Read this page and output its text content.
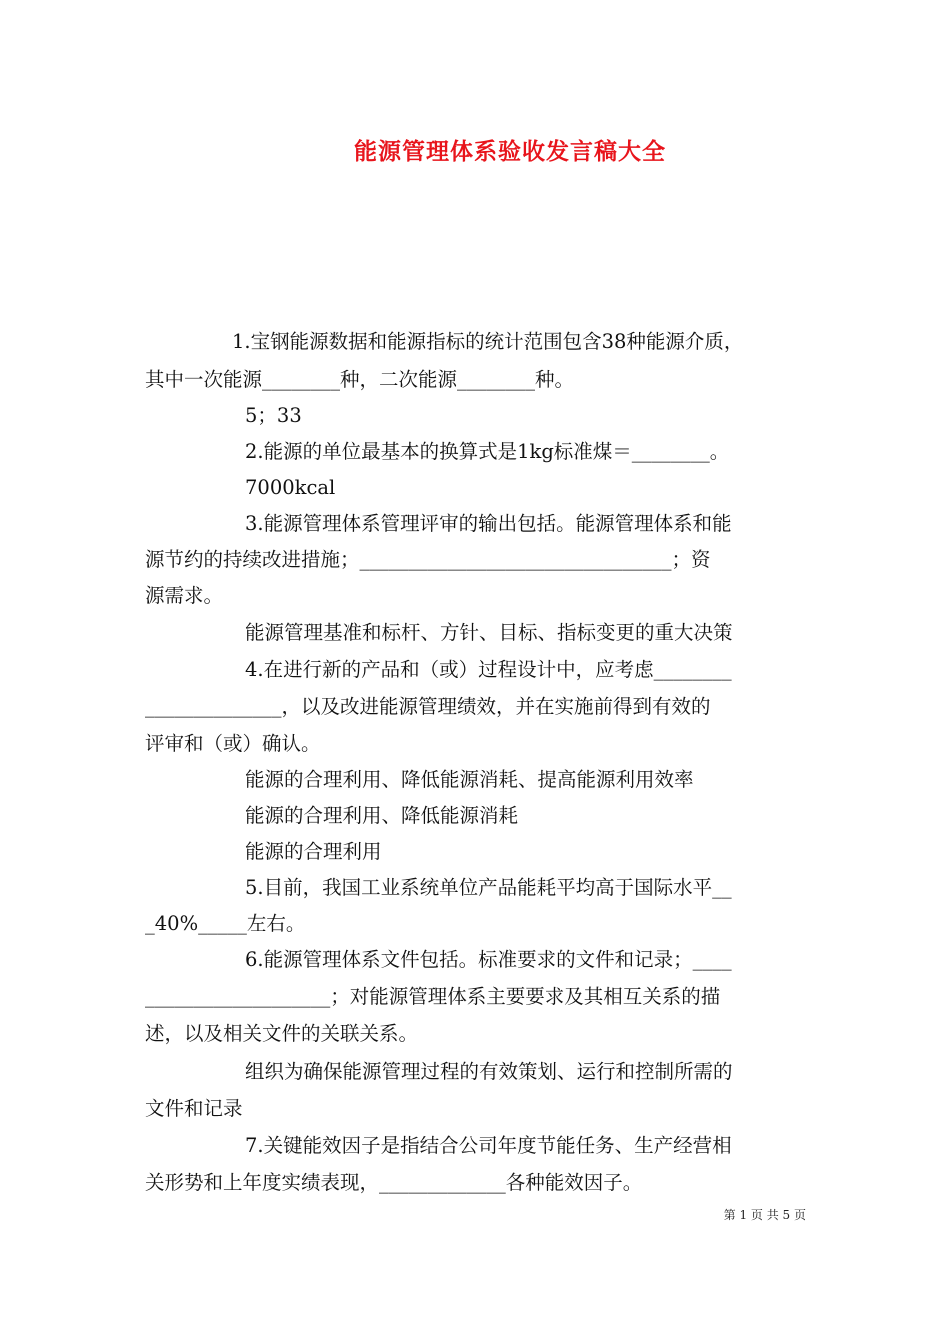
能源管理体系验收发言稿大全
1.宝钢能源数据和能源指标的统计范围包含38种能源介质，
其中一次能源________种，二次能源________种。
5；33
2.能源的单位最基本的换算式是1kg标准煤＝________。
7000kcal
3.能源管理体系管理评审的输出包括。能源管理体系和能
源节约的持续改进措施；________________________________；资
源需求。
能源管理基准和标杆、方针、目标、指标变更的重大决策
4.在进行新的产品和（或）过程设计中，应考虑________
______________，以及改进能源管理绩效，并在实施前得到有效的
评审和（或）确认。
能源的合理利用、降低能源消耗、提高能源利用效率
能源的合理利用、降低能源消耗
能源的合理利用
5.目前，我国工业系统单位产品能耗平均高于国际水平__
_40%_____左右。
6.能源管理体系文件包括。标准要求的文件和记录；____
___________________；对能源管理体系主要要求及其相互关系的描
述，以及相关文件的关联关系。
组织为确保能源管理过程的有效策划、运行和控制所需的
文件和记录
7.关键能效因子是指结合公司年度节能任务、生产经营相
关形势和上年度实绩表现，_____________各种能效因子。
第 1 页 共 5 页
